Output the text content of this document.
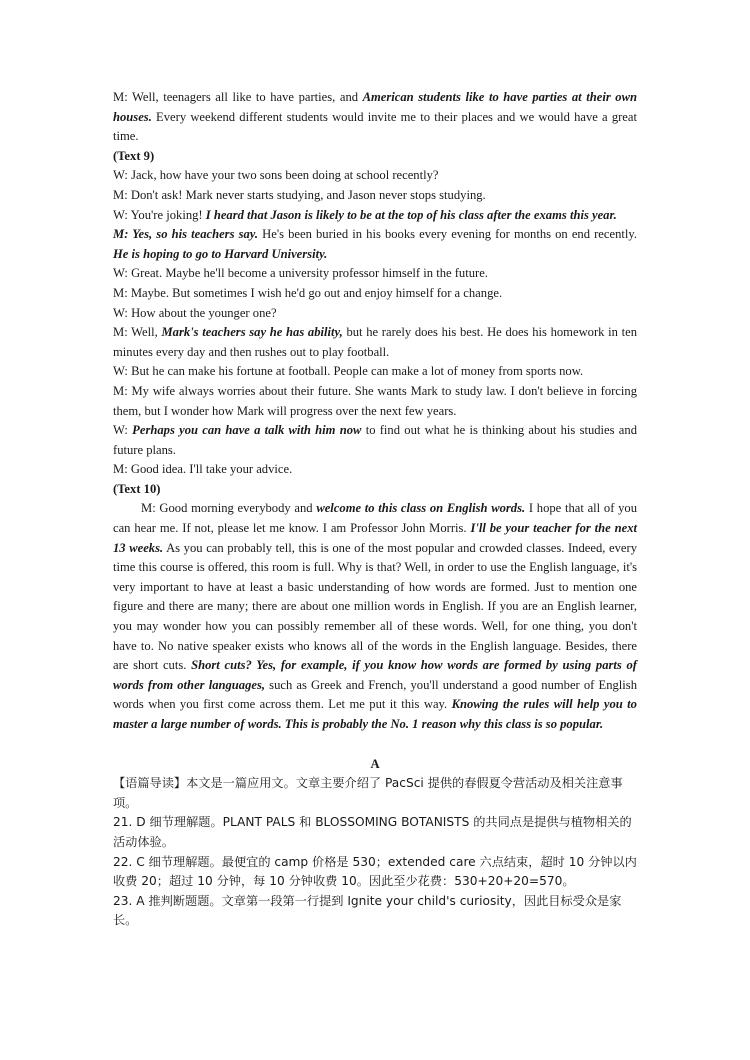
M: Well, teenagers all like to have parties, and American students like to have parties at their own houses. Every weekend different students would invite me to their places and we would have a great time.

(Text 9)

W: Jack, how have your two sons been doing at school recently?

M: Don't ask! Mark never starts studying, and Jason never stops studying.

W: You're joking! I heard that Jason is likely to be at the top of his class after the exams this year.

M: Yes, so his teachers say. He's been buried in his books every evening for months on end recently. He is hoping to go to Harvard University.

W: Great. Maybe he'll become a university professor himself in the future.

M: Maybe. But sometimes I wish he'd go out and enjoy himself for a change.

W: How about the younger one?

M: Well, Mark's teachers say he has ability, but he rarely does his best. He does his homework in ten minutes every day and then rushes out to play football.

W: But he can make his fortune at football. People can make a lot of money from sports now.

M: My wife always worries about their future. She wants Mark to study law. I don't believe in forcing them, but I wonder how Mark will progress over the next few years.

W: Perhaps you can have a talk with him now to find out what he is thinking about his studies and future plans.

M: Good idea. I'll take your advice.

(Text 10)

M: Good morning everybody and welcome to this class on English words. I hope that all of you can hear me. If not, please let me know. I am Professor John Morris. I'll be your teacher for the next 13 weeks. As you can probably tell, this is one of the most popular and crowded classes. Indeed, every time this course is offered, this room is full. Why is that? Well, in order to use the English language, it's very important to have at least a basic understanding of how words are formed. Just to mention one figure and there are many; there are about one million words in English. If you are an English learner, you may wonder how you can possibly remember all of these words. Well, for one thing, you don't have to. No native speaker exists who knows all of the words in the English language. Besides, there are short cuts. Short cuts? Yes, for example, if you know how words are formed by using parts of words from other languages, such as Greek and French, you'll understand a good number of English words when you first come across them. Let me put it this way. Knowing the rules will help you to master a large number of words. This is probably the No. 1 reason why this class is so popular.

A

【语篇导读】本文是一篇应用文。文章主要介绍了 PacSci 提供的春假夏令营活动及相关注意事项。

21. D 细节理解题。PLANT PALS 和 BLOSSOMING BOTANISTS 的共同点是提供与植物相关的活动体验。

22. C 细节理解题。最便宜的 camp 价格是 530；extended care 六点结束，超时 10 分钟以内收费 20；超过 10 分钟，每 10 分钟收费 10。因此至少花费：530+20+20=570。

23. A 推判断题题。文章第一段第一行提到 Ignite your child's curiosity，因此目标受众是家长。
